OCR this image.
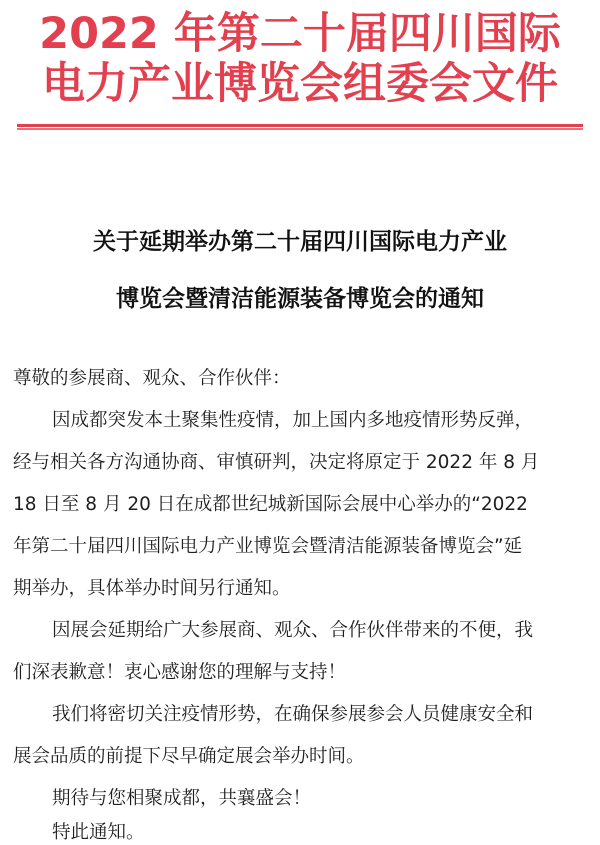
2022 年第二十届四川国际
电力产业博览会组委会文件
关于延期举办第二十届四川国际电力产业
博览会暨清洁能源装备博览会的通知
尊敬的参展商、观众、合作伙伴：
因成都突发本土聚集性疫情，加上国内多地疫情形势反弹，
经与相关各方沟通协商、审慎研判，决定将原定于 2022 年 8 月
18 日至 8 月 20 日在成都世纪城新国际会展中心举办的“2022
年第二十届四川国际电力产业博览会暨清洁能源装备博览会”延
期举办，具体举办时间另行通知。
因展会延期给广大参展商、观众、合作伙伴带来的不便，我
们深表歉意！衷心感谢您的理解与支持！
我们将密切关注疫情形势，在确保参展参会人员健康安全和
展会品质的前提下尽早确定展会举办时间。
期待与您相聚成都，共襄盛会！
特此通知。
